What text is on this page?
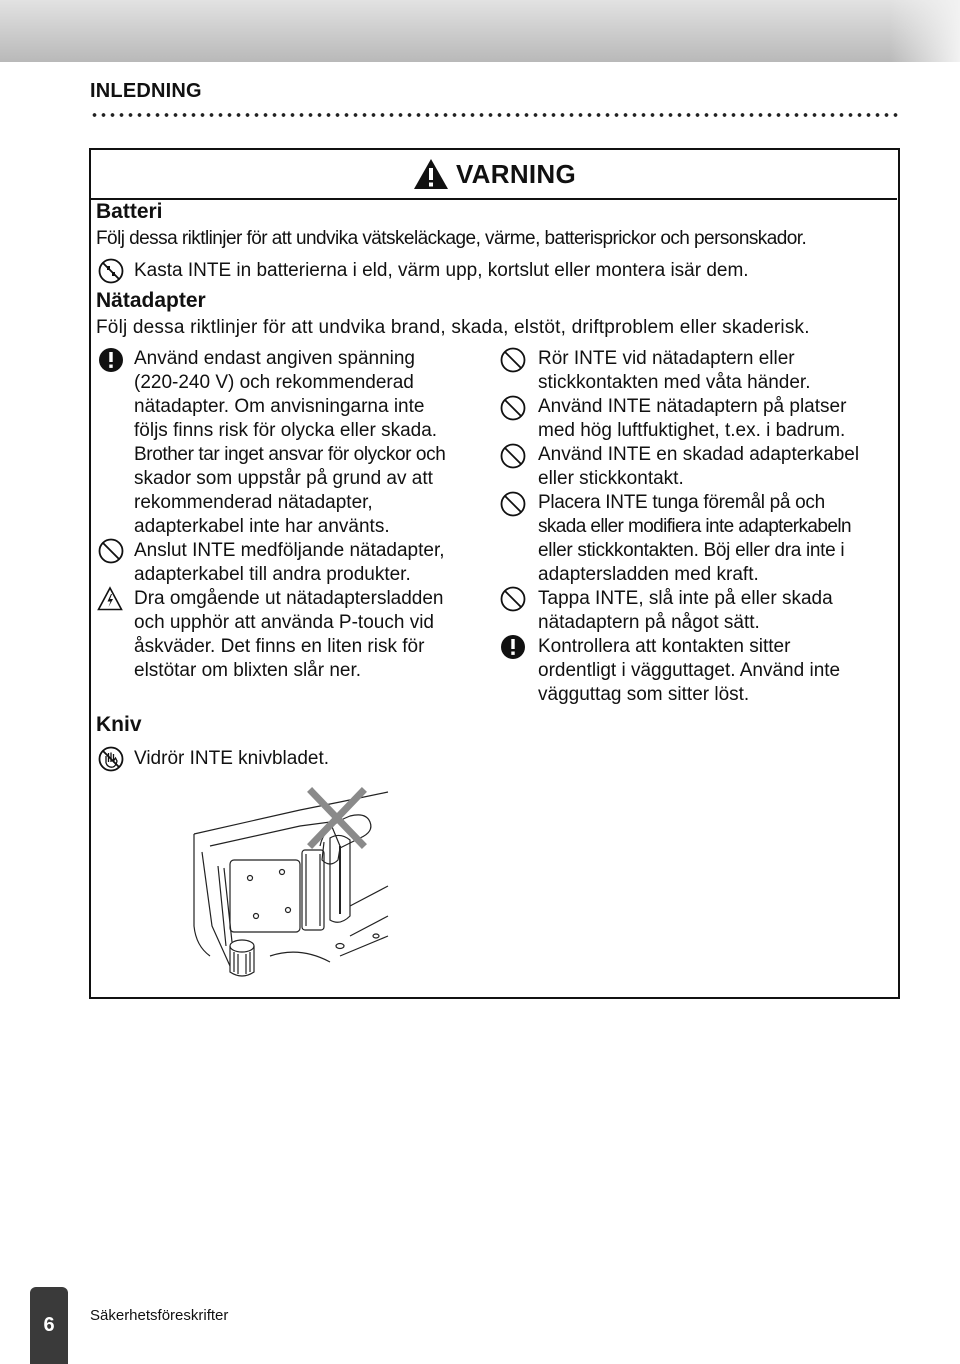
INLEDNING
VARNING
Batteri
Följ dessa riktlinjer för att undvika vätskeläckage, värme, batterisprickor och personskador.
Kasta INTE in batterierna i eld, värm upp, kortslut eller montera isär dem.
Nätadapter
Följ dessa riktlinjer för att undvika brand, skada, elstöt, driftproblem eller skaderisk.
Använd endast angiven spänning
(220-240 V) och rekommenderad
nätadapter. Om anvisningarna inte
följs finns risk för olycka eller skada.
Brother tar inget ansvar för olyckor och
skador som uppstår på grund av att
rekommenderad nätadapter,
adapterkabel inte har använts.
Anslut INTE medföljande nätadapter,
adapterkabel till andra produkter.
Dra omgående ut nätadaptersladden
och upphör att använda P-touch vid
åskväder. Det finns en liten risk för
elstötar om blixten slår ner.
Rör INTE vid nätadaptern eller
stickkontakten med våta händer.
Använd INTE nätadaptern på platser
med hög luftfuktighet, t.ex. i badrum.
Använd INTE en skadad adapterkabel
eller stickkontakt.
Placera INTE tunga föremål på och
skada eller modifiera inte adapterkabeln
eller stickkontakten. Böj eller dra inte i
adaptersladden med kraft.
Tappa INTE, slå inte på eller skada
nätadaptern på något sätt.
Kontrollera att kontakten sitter
ordentligt i vägguttaget. Använd inte
vägguttag som sitter löst.
Kniv
Vidrör INTE knivbladet.
6 Säkerhetsföreskrifter
